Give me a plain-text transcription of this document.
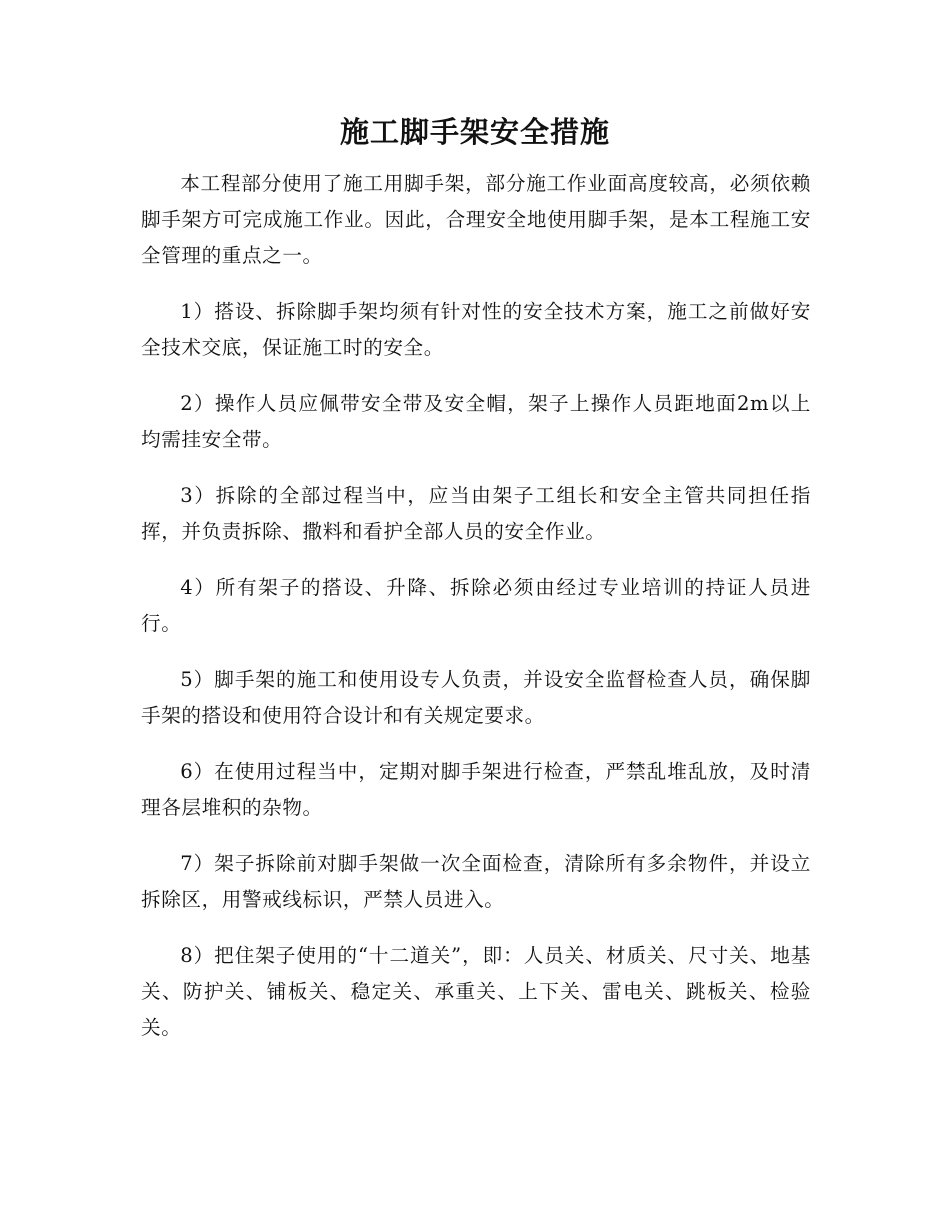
施工脚手架安全措施

本工程部分使用了施工用脚手架，部分施工作业面高度较高，必须依赖脚手架方可完成施工作业。因此，合理安全地使用脚手架，是本工程施工安全管理的重点之一。

1）搭设、拆除脚手架均须有针对性的安全技术方案，施工之前做好安全技术交底，保证施工时的安全。

2）操作人员应佩带安全带及安全帽，架子上操作人员距地面2m以上均需挂安全带。

3）拆除的全部过程当中，应当由架子工组长和安全主管共同担任指挥，并负责拆除、撒料和看护全部人员的安全作业。

4）所有架子的搭设、升降、拆除必须由经过专业培训的持证人员进行。

5）脚手架的施工和使用设专人负责，并设安全监督检查人员，确保脚手架的搭设和使用符合设计和有关规定要求。

6）在使用过程当中，定期对脚手架进行检查，严禁乱堆乱放，及时清理各层堆积的杂物。

7）架子拆除前对脚手架做一次全面检查，清除所有多余物件，并设立拆除区，用警戒线标识，严禁人员进入。

8）把住架子使用的“十二道关”，即：人员关、材质关、尺寸关、地基关、防护关、铺板关、稳定关、承重关、上下关、雷电关、跳板关、检验关。
